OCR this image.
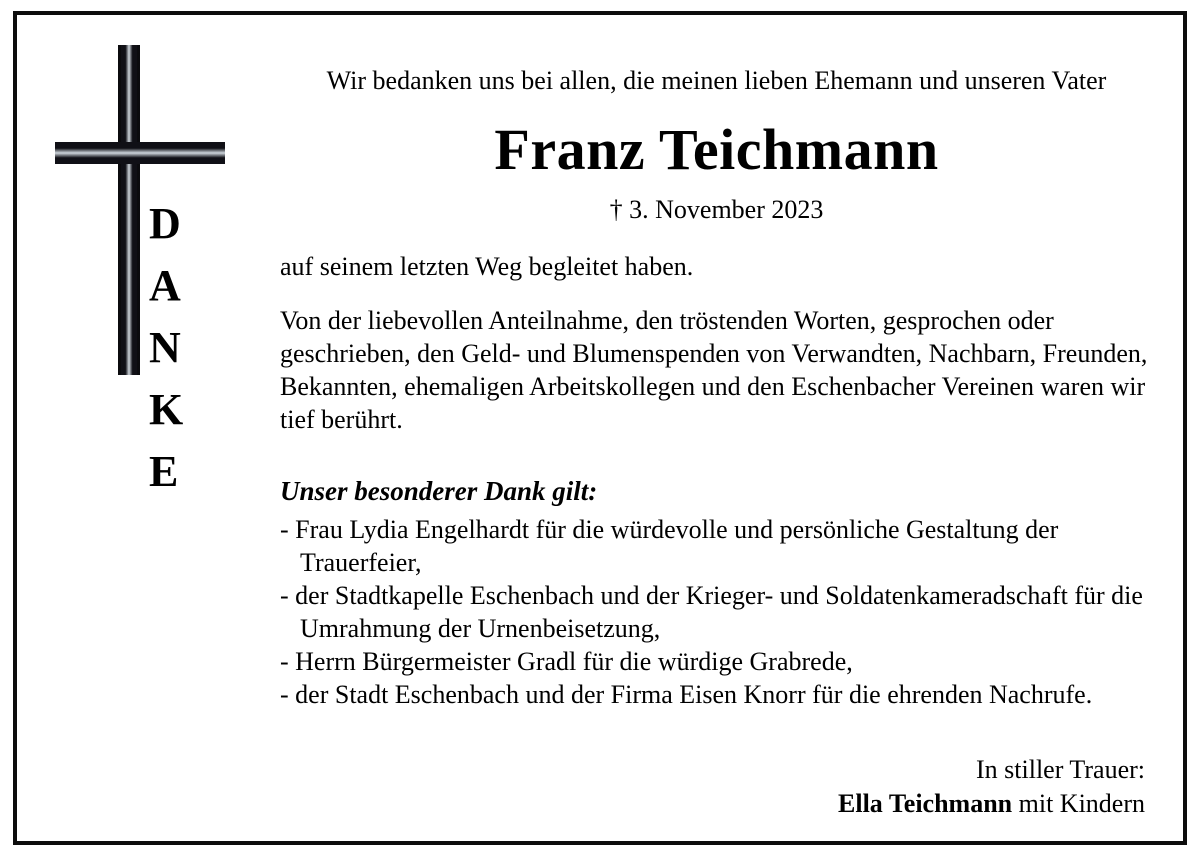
D
A
N
K
E

Wir bedanken uns bei allen, die meinen lieben Ehemann und unseren Vater

Franz Teichmann

† 3. November 2023

auf seinem letzten Weg begleitet haben.

Von der liebevollen Anteilnahme, den tröstenden Worten, gesprochen oder geschrieben, den Geld- und Blumenspenden von Verwandten, Nachbarn, Freunden, Bekannten, ehemaligen Arbeitskollegen und den Eschenbacher Vereinen waren wir tief berührt.

Unser besonderer Dank gilt:

- Frau Lydia Engelhardt für die würdevolle und persönliche Gestaltung der Trauerfeier,
- der Stadtkapelle Eschenbach und der Krieger- und Soldatenkameradschaft für die Umrahmung der Urnenbeisetzung,
- Herrn Bürgermeister Gradl für die würdige Grabrede,
- der Stadt Eschenbach und der Firma Eisen Knorr für die ehrenden Nachrufe.
In stiller Trauer:
Ella Teichmann mit Kindern
